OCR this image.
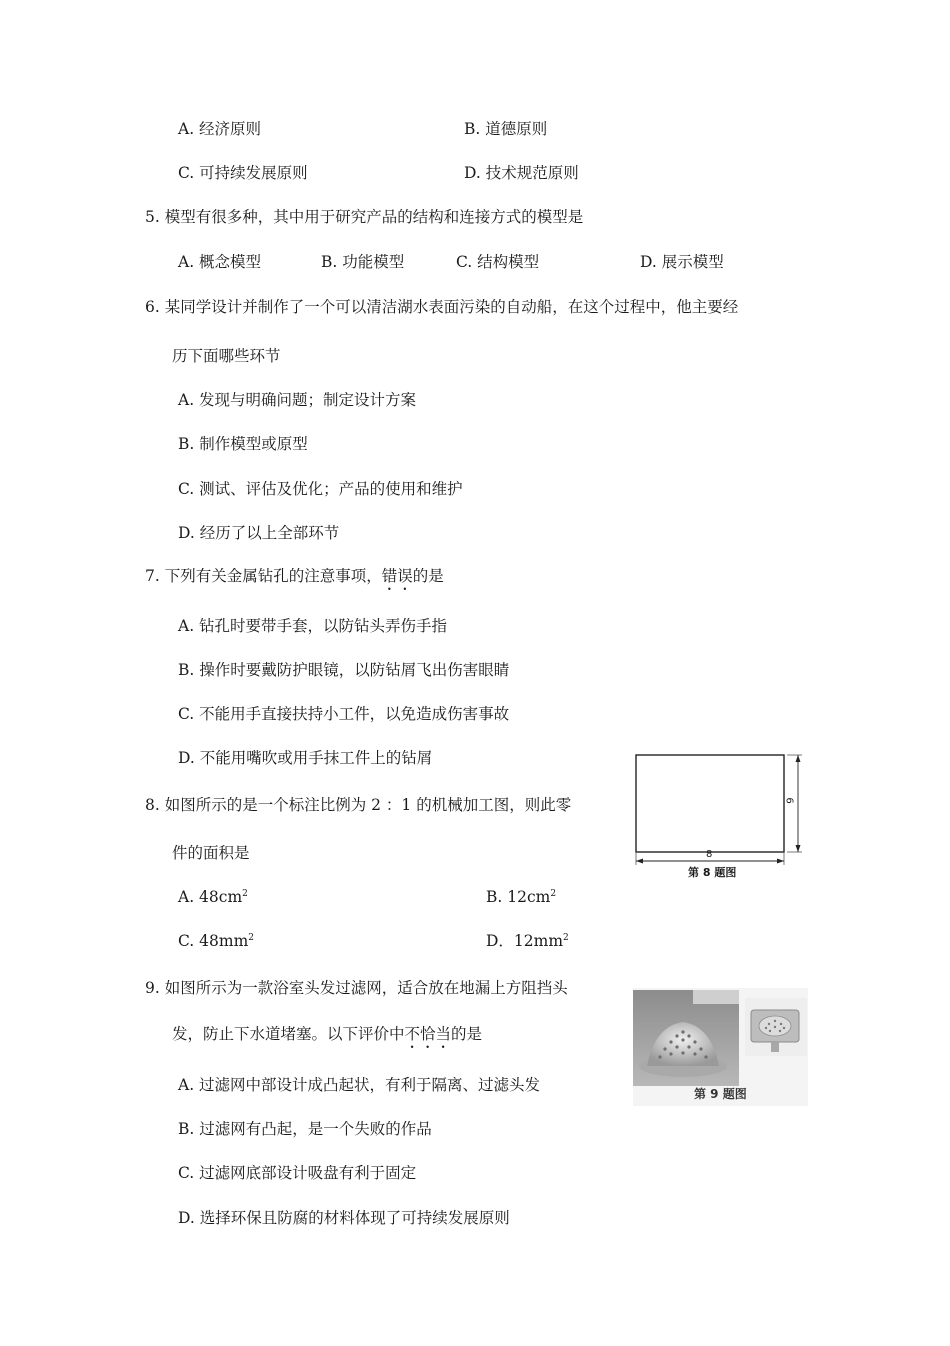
A. 经济原则	B. 道德原则
C. 可持续发展原则	D. 技术规范原则
5. 模型有很多种，其中用于研究产品的结构和连接方式的模型是
A. 概念模型	B. 功能模型	C. 结构模型	D. 展示模型
6. 某同学设计并制作了一个可以清洁湖水表面污染的自动船，在这个过程中，他主要经
历下面哪些环节
A. 发现与明确问题；制定设计方案
B. 制作模型或原型
C. 测试、评估及优化；产品的使用和维护
D. 经历了以上全部环节
7. 下列有关金属钻孔的注意事项，错误的是
A. 钻孔时要带手套，以防钻头弄伤手指
B. 操作时要戴防护眼镜，以防钻屑飞出伤害眼睛
C. 不能用手直接扶持小工件，以免造成伤害事故
D. 不能用嘴吹或用手抹工件上的钻屑
8. 如图所示的是一个标注比例为 2 ：1 的机械加工图，则此零
件的面积是
A. $48cm^2$	B. $12cm^2$
C. $48mm^2$	D．$12mm^2$
8
6
第 8 题图
9. 如图所示为一款浴室头发过滤网，适合放在地漏上方阻挡头
发，防止下水道堵塞。以下评价中不恰当的是
A. 过滤网中部设计成凸起状，有利于隔离、过滤头发
B. 过滤网有凸起，是一个失败的作品
C. 过滤网底部设计吸盘有利于固定
D. 选择环保且防腐的材料体现了可持续发展原则
第 9 题图
